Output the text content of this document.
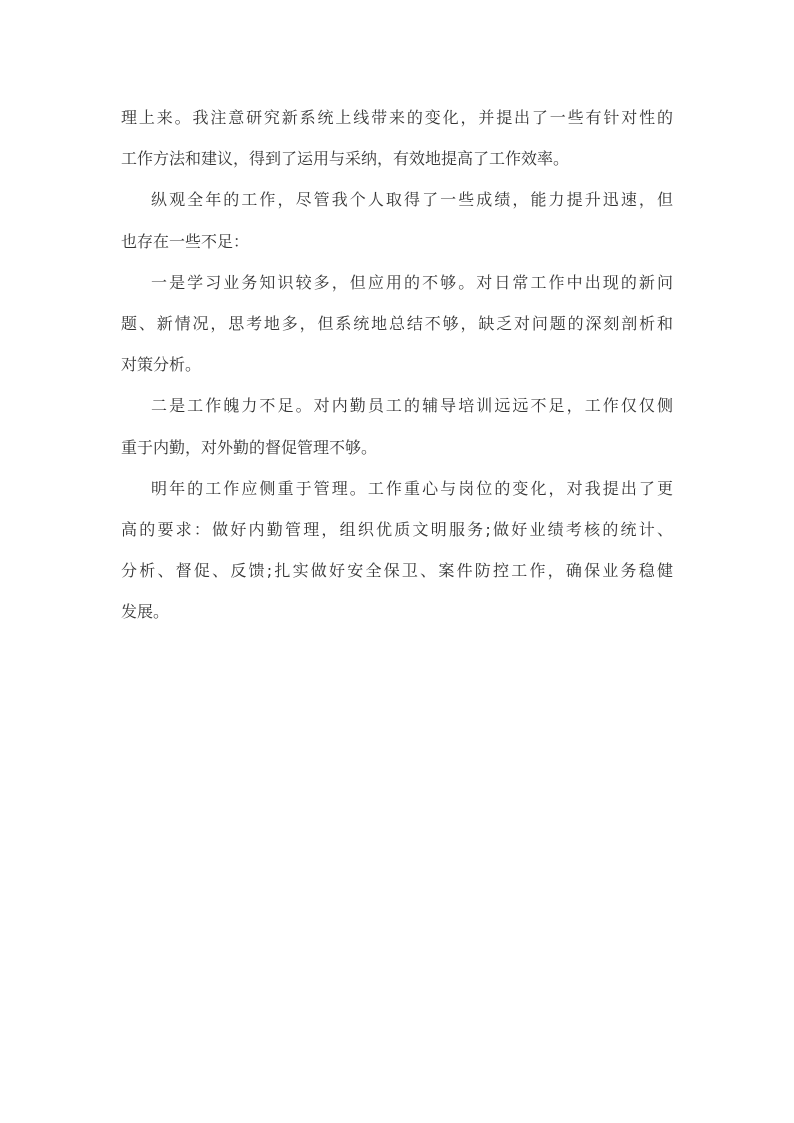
理上来。我注意研究新系统上线带来的变化，并提出了一些有针对性的
工作方法和建议，得到了运用与采纳，有效地提高了工作效率。
纵观全年的工作，尽管我个人取得了一些成绩，能力提升迅速，但
也存在一些不足：
一是学习业务知识较多，但应用的不够。对日常工作中出现的新问
题、新情况，思考地多，但系统地总结不够，缺乏对问题的深刻剖析和
对策分析。
二是工作魄力不足。对内勤员工的辅导培训远远不足，工作仅仅侧
重于内勤，对外勤的督促管理不够。
明年的工作应侧重于管理。工作重心与岗位的变化，对我提出了更
高的要求：做好内勤管理，组织优质文明服务;做好业绩考核的统计、
分析、督促、反馈;扎实做好安全保卫、案件防控工作，确保业务稳健
发展。
